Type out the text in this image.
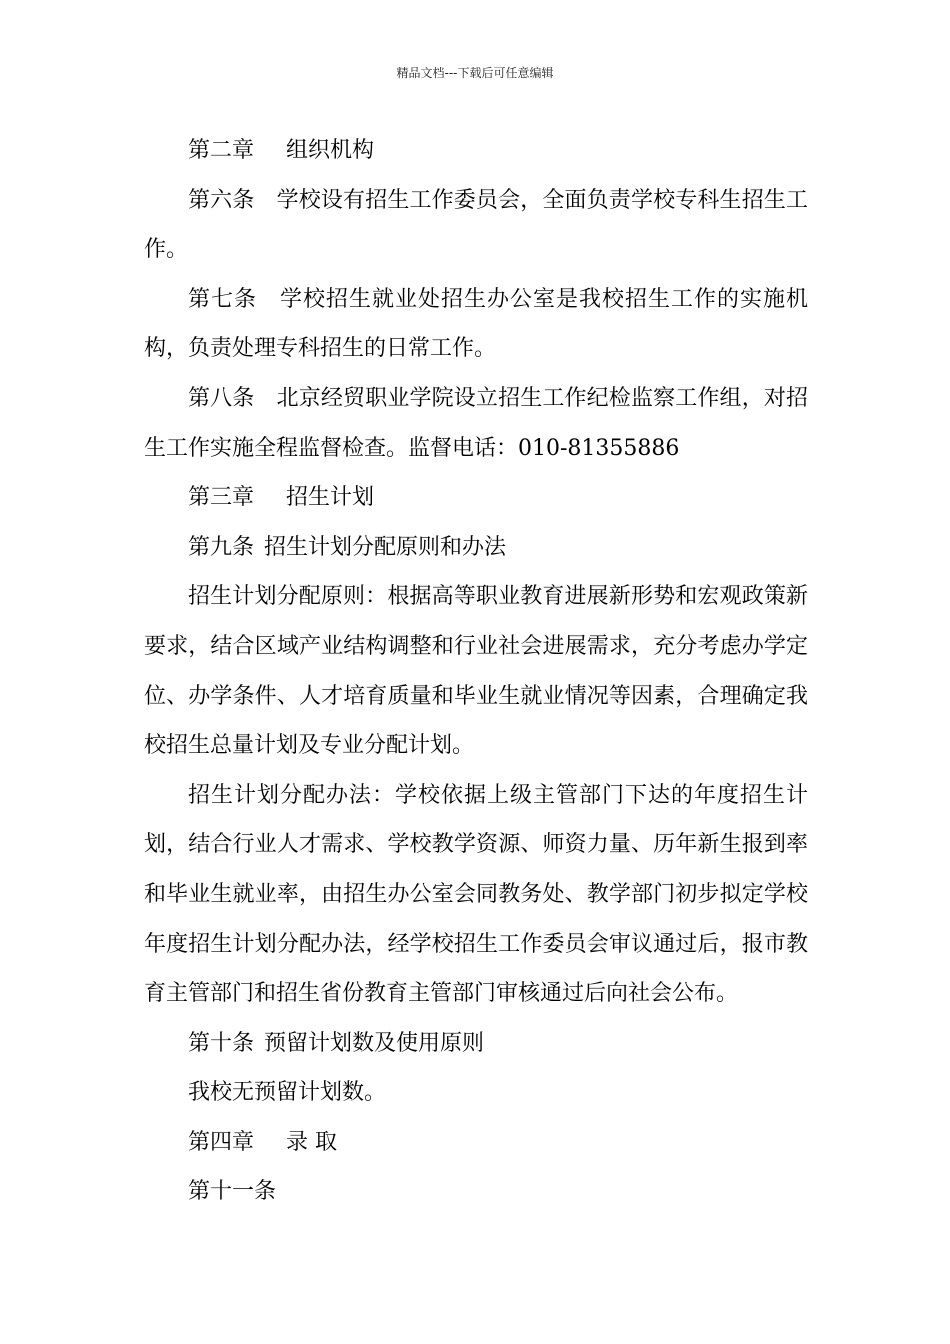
精品文档---下载后可任意编辑

第二章 组织机构

第六条 学校设有招生工作委员会，全面负责学校专科生招生工作。

第七条 学校招生就业处招生办公室是我校招生工作的实施机构，负责处理专科招生的日常工作。

第八条 北京经贸职业学院设立招生工作纪检监察工作组，对招生工作实施全程监督检查。监督电话：010-81355886

第三章 招生计划

第九条 招生计划分配原则和办法

招生计划分配原则：根据高等职业教育进展新形势和宏观政策新要求，结合区域产业结构调整和行业社会进展需求，充分考虑办学定位、办学条件、人才培育质量和毕业生就业情况等因素，合理确定我校招生总量计划及专业分配计划。

招生计划分配办法：学校依据上级主管部门下达的年度招生计划，结合行业人才需求、学校教学资源、师资力量、历年新生报到率和毕业生就业率，由招生办公室会同教务处、教学部门初步拟定学校年度招生计划分配办法，经学校招生工作委员会审议通过后，报市教育主管部门和招生省份教育主管部门审核通过后向社会公布。

第十条 预留计划数及使用原则

我校无预留计划数。

第四章 录 取

第十一条
